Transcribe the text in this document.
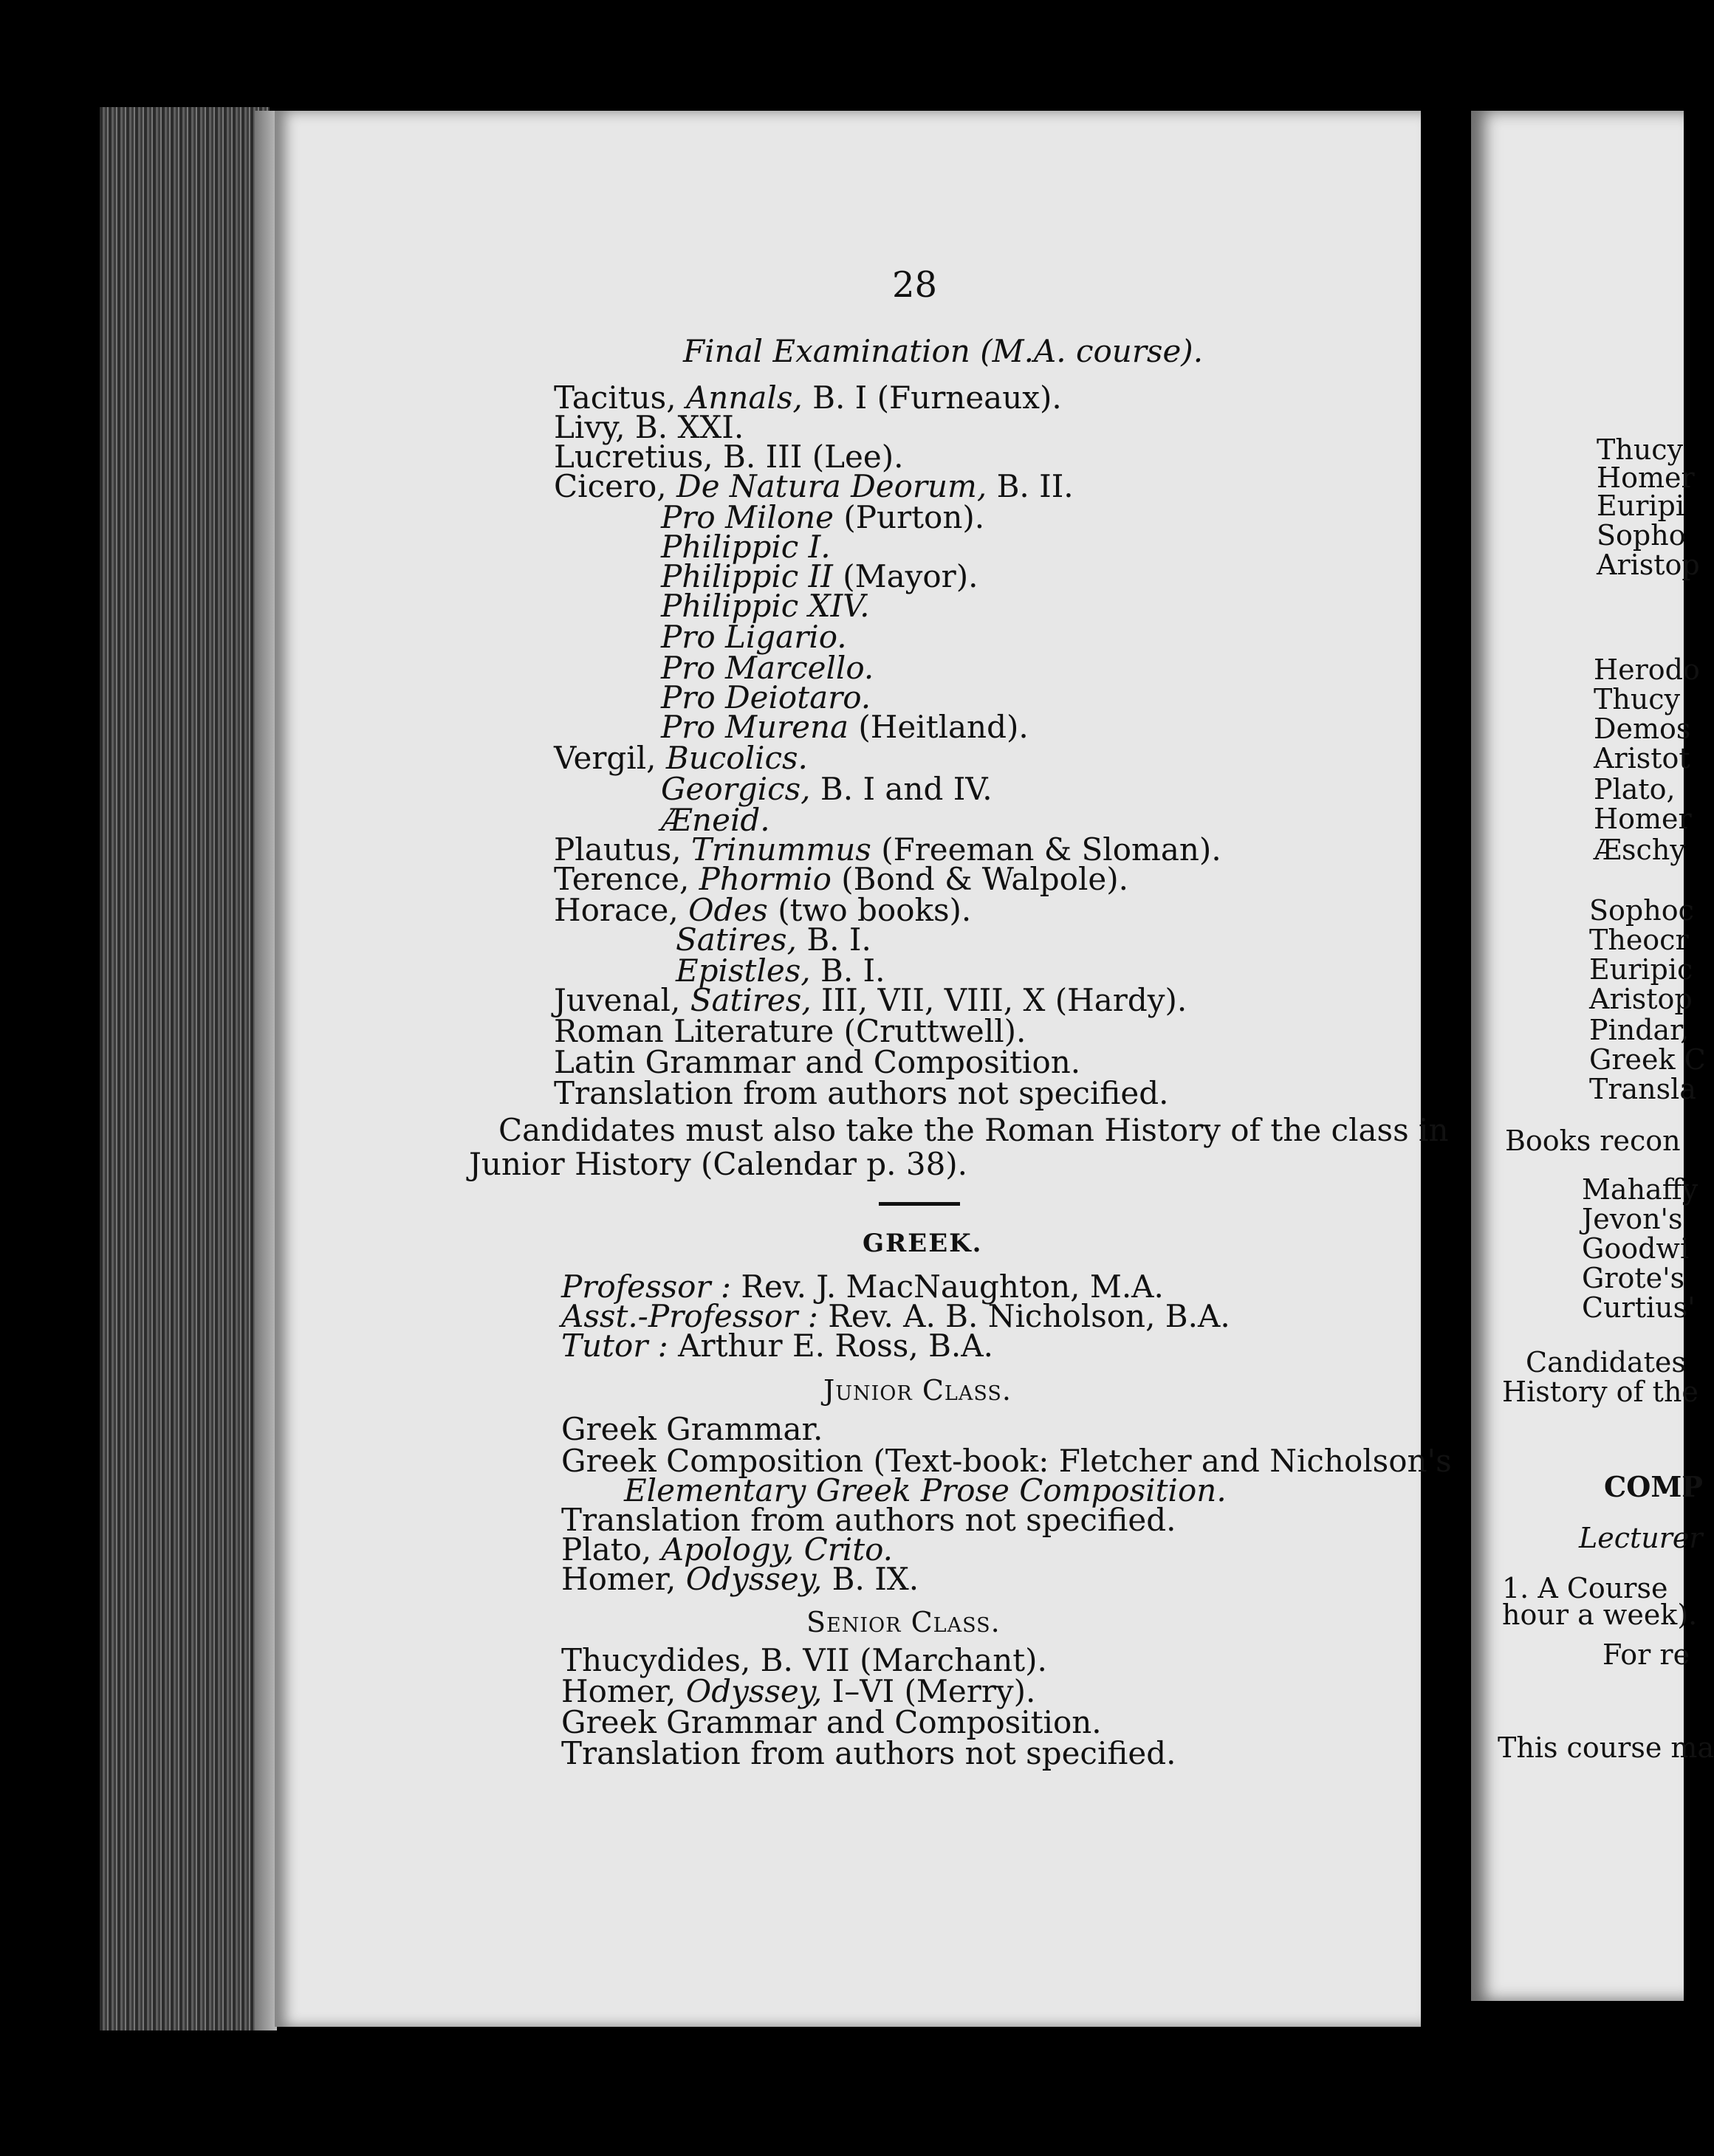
28
Final Examination (M.A. course).
Tacitus, Annals, B. I (Furneaux).
Livy, B. XXI.
Lucretius, B. III (Lee).
Cicero, De Natura Deorum, B. II.
Pro Milone (Purton).
Philippic I.
Philippic II (Mayor).
Philippic XIV.
Pro Ligario.
Pro Marcello.
Pro Deiotaro.
Pro Murena (Heitland).
Vergil, Bucolics.
Georgics, B. I and IV.
Æneid.
Plautus, Trinummus (Freeman & Sloman).
Terence, Phormio (Bond & Walpole).
Horace, Odes (two books).
Satires, B. I.
Epistles, B. I.
Juvenal, Satires, III, VII, VIII, X (Hardy).
Roman Literature (Cruttwell).
Latin Grammar and Composition.
Translation from authors not specified.
Candidates must also take the Roman History of the class in
Junior History (Calendar p. 38).
GREEK.
Professor : Rev. J. MacNaughton, M.A.
Asst.-Professor : Rev. A. B. Nicholson, B.A.
Tutor : Arthur E. Ross, B.A.
Junior Class.
Greek Grammar.
Greek Composition (Text-book: Fletcher and Nicholson's
Elementary Greek Prose Composition.
Translation from authors not specified.
Plato, Apology, Crito.
Homer, Odyssey, B. IX.
Senior Class.
Thucydides, B. VII (Marchant).
Homer, Odyssey, I–VI (Merry).
Greek Grammar and Composition.
Translation from authors not specified.
Thucy
Homer
Euripi
Sopho
Aristop
Herodo
Thucy
Demos
Aristot
Plato,
Homer
Æschy
Sophoc
Theocr
Euripic
Aristop
Pindar,
Greek C
Transla
Books recon
Mahaffy
Jevon's
Goodwi
Grote's
Curtius'
Candidates
History of the
COMP
Lecturer
1. A Course
hour a week).
For re
This course ma
